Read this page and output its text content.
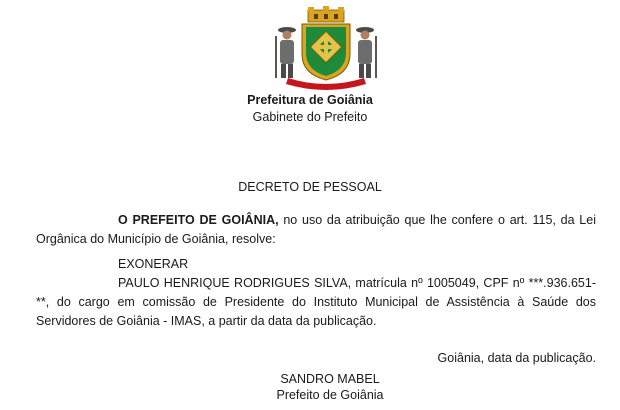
Prefeitura de Goiânia
Gabinete do Prefeito
DECRETO DE PESSOAL
O PREFEITO DE GOIÂNIA, no uso da atribuição que lhe confere o art. 115, da Lei Orgânica do Município de Goiânia, resolve:
EXONERAR
PAULO HENRIQUE RODRIGUES SILVA, matrícula nº 1005049, CPF nº ***.936.651-**, do cargo em comissão de Presidente do Instituto Municipal de Assistência à Saúde dos Servidores de Goiânia - IMAS, a partir da data da publicação.
Goiânia, data da publicação.
SANDRO MABEL
Prefeito de Goiânia
